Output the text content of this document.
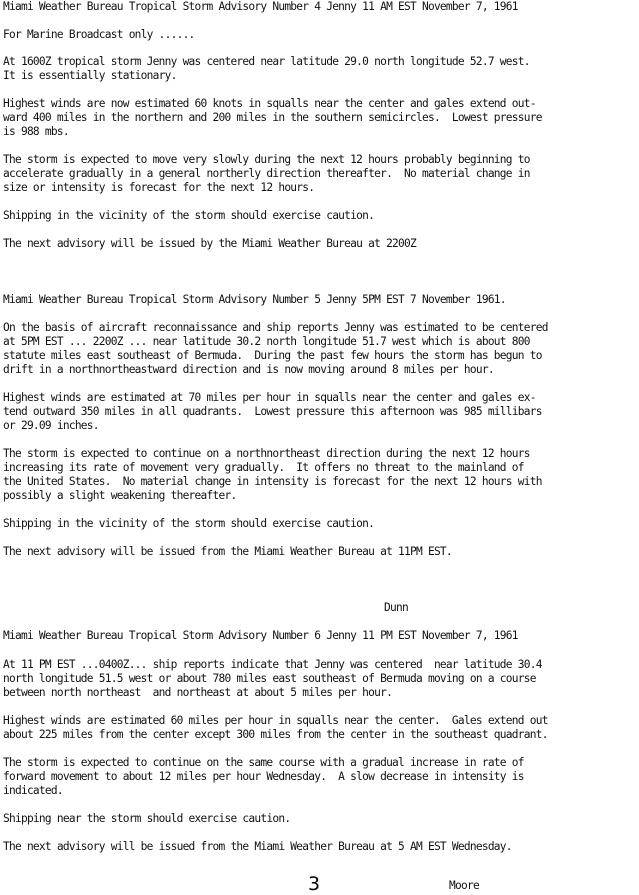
Miami Weather Bureau Tropical Storm Advisory Number 4 Jenny 11 AM EST November 7, 1961

For Marine Broadcast only ......

At 1600Z tropical storm Jenny was centered near latitude 29.0 north longitude 52.7 west.

It is essentially stationary.

Highest winds are now estimated 60 knots in squalls near the center and gales extend out-

ward 400 miles in the northern and 200 miles in the southern semicircles.  Lowest pressure

is 988 mbs.

The storm is expected to move very slowly during the next 12 hours probably beginning to

accelerate gradually in a general northerly direction thereafter.  No material change in

size or intensity is forecast for the next 12 hours.

Shipping in the vicinity of the storm should exercise caution.

The next advisory will be issued by the Miami Weather Bureau at 2200Z

Miami Weather Bureau Tropical Storm Advisory Number 5 Jenny 5PM EST 7 November 1961.

On the basis of aircraft reconnaissance and ship reports Jenny was estimated to be centered

at 5PM EST ... 2200Z ... near latitude 30.2 north longitude 51.7 west which is about 800

statute miles east southeast of Bermuda.  During the past few hours the storm has begun to

drift in a northnortheastward direction and is now moving around 8 miles per hour.

Highest winds are estimated at 70 miles per hour in squalls near the center and gales ex-

tend outward 350 miles in all quadrants.  Lowest pressure this afternoon was 985 millibars

or 29.09 inches.

The storm is expected to continue on a northnortheast direction during the next 12 hours

increasing its rate of movement very gradually.  It offers no threat to the mainland of

the United States.  No material change in intensity is forecast for the next 12 hours with

possibly a slight weakening thereafter.

Shipping in the vicinity of the storm should exercise caution.

The next advisory will be issued from the Miami Weather Bureau at 11PM EST.

Dunn

Miami Weather Bureau Tropical Storm Advisory Number 6 Jenny 11 PM EST November 7, 1961

At 11 PM EST ...0400Z... ship reports indicate that Jenny was centered  near latitude 30.4

north longitude 51.5 west or about 780 miles east southeast of Bermuda moving on a course

between north northeast  and northeast at about 5 miles per hour.

Highest winds are estimated 60 miles per hour in squalls near the center.  Gales extend out

about 225 miles from the center except 300 miles from the center in the southeast quadrant.

The storm is expected to continue on the same course with a gradual increase in rate of

forward movement to about 12 miles per hour Wednesday.  A slow decrease in intensity is

indicated.

Shipping near the storm should exercise caution.

The next advisory will be issued from the Miami Weather Bureau at 5 AM EST Wednesday.

Moore

3
